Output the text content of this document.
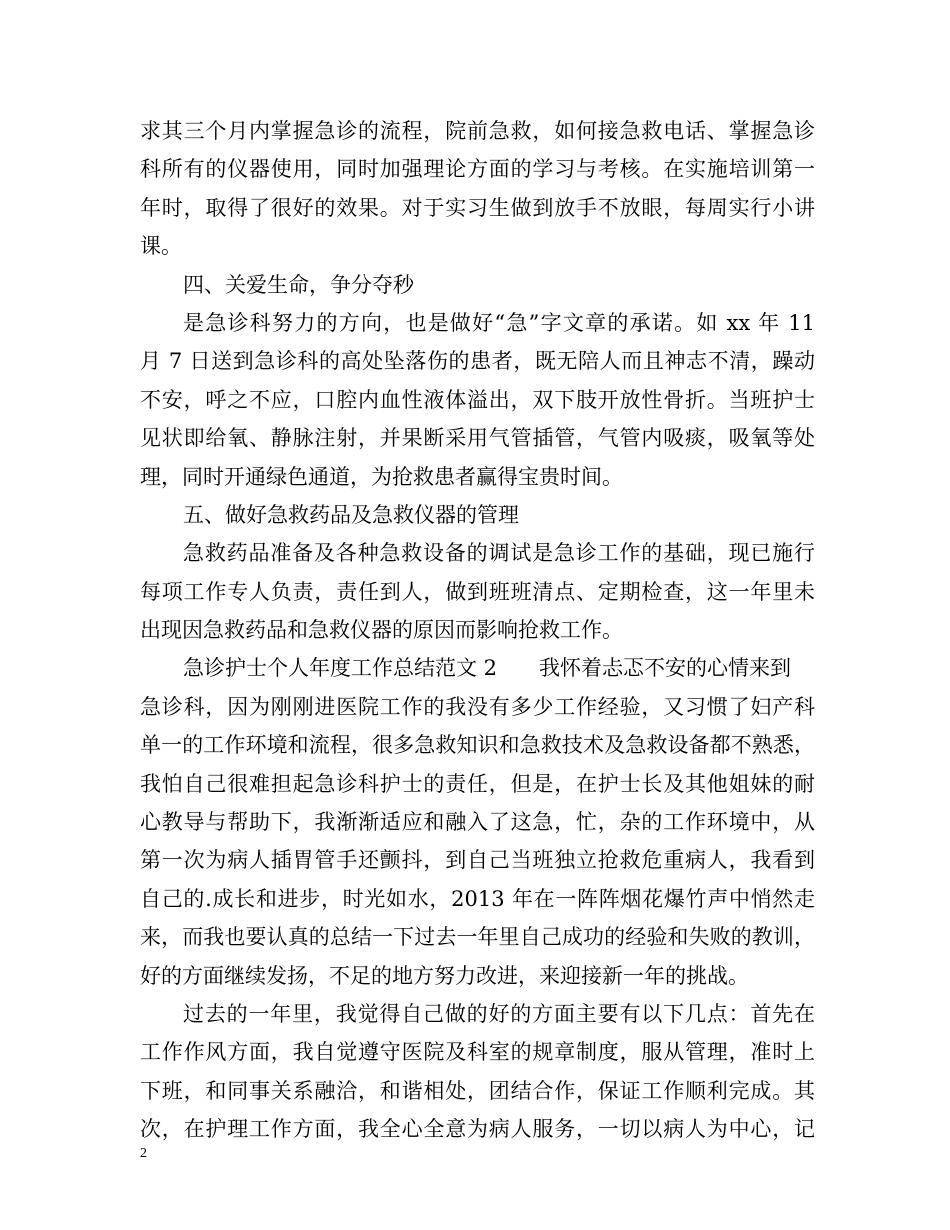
求其三个月内掌握急诊的流程，院前急救，如何接急救电话、掌握急诊
科所有的仪器使用，同时加强理论方面的学习与考核。在实施培训第一
年时，取得了很好的效果。对于实习生做到放手不放眼，每周实行小讲
课。
四、关爱生命，争分夺秒
是急诊科努力的方向，也是做好“急”字文章的承诺。如 xx 年 11
月 7 日送到急诊科的高处坠落伤的患者，既无陪人而且神志不清，躁动
不安，呼之不应，口腔内血性液体溢出，双下肢开放性骨折。当班护士
见状即给氧、静脉注射，并果断采用气管插管，气管内吸痰，吸氧等处
理，同时开通绿色通道，为抢救患者赢得宝贵时间。
五、做好急救药品及急救仪器的管理
急救药品准备及各种急救设备的调试是急诊工作的基础，现已施行
每项工作专人负责，责任到人，做到班班清点、定期检查，这一年里未
出现因急救药品和急救仪器的原因而影响抢救工作。
急诊护士个人年度工作总结范文 2　　我怀着忐忑不安的心情来到
急诊科，因为刚刚进医院工作的我没有多少工作经验，又习惯了妇产科
单一的工作环境和流程，很多急救知识和急救技术及急救设备都不熟悉，
我怕自己很难担起急诊科护士的责任，但是，在护士长及其他姐妹的耐
心教导与帮助下，我渐渐适应和融入了这急，忙，杂的工作环境中，从
第一次为病人插胃管手还颤抖，到自己当班独立抢救危重病人，我看到
自己的.成长和进步，时光如水，2013 年在一阵阵烟花爆竹声中悄然走
来，而我也要认真的总结一下过去一年里自己成功的经验和失败的教训，
好的方面继续发扬，不足的地方努力改进，来迎接新一年的挑战。
过去的一年里，我觉得自己做的好的方面主要有以下几点：首先在
工作作风方面，我自觉遵守医院及科室的规章制度，服从管理，准时上
下班，和同事关系融洽，和谐相处，团结合作，保证工作顺利完成。其
次，在护理工作方面，我全心全意为病人服务，一切以病人为中心，记
2
